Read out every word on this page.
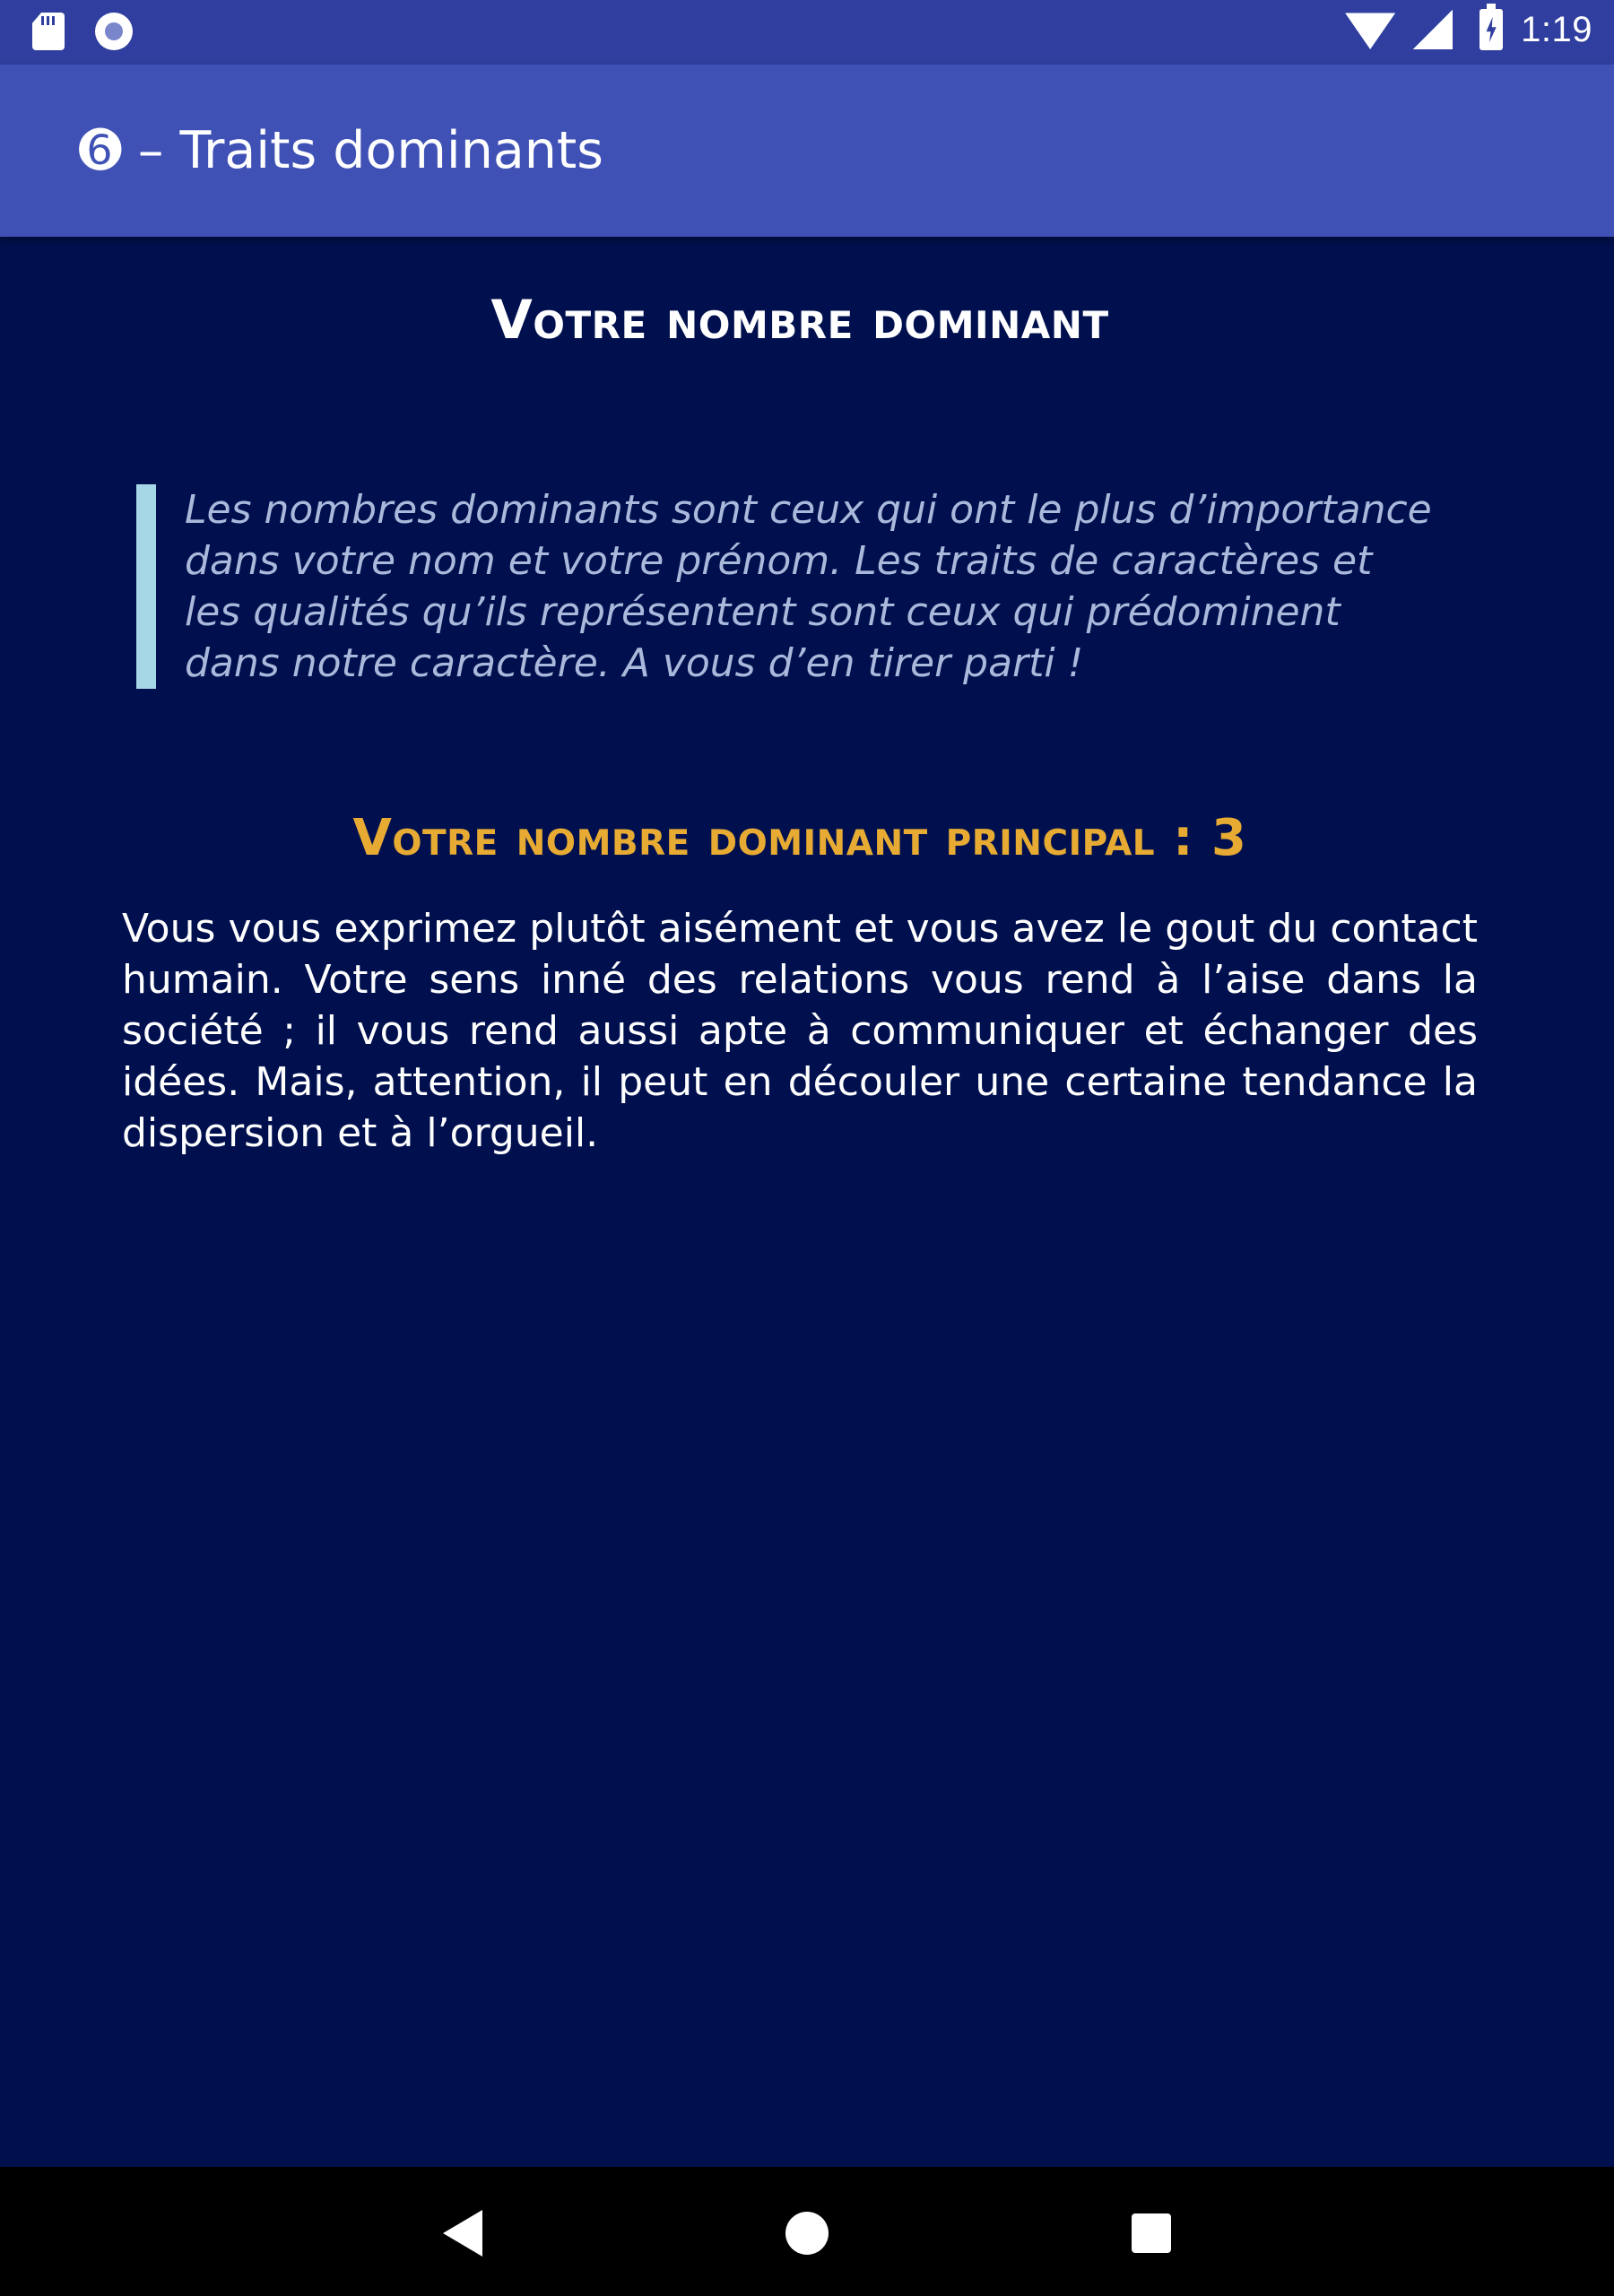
1:19
➏ – Traits dominants
Votre nombre dominant
Les nombres dominants sont ceux qui ont le plus d’importance dans votre nom et votre prénom. Les traits de caractères et les qualités qu’ils représentent sont ceux qui prédominent dans notre caractère. A vous d’en tirer parti !
Votre nombre dominant principal : 3
Vous vous exprimez plutôt aisément et vous avez le gout du contact humain. Votre sens inné des relations vous rend à l’aise dans la société ; il vous rend aussi apte à communiquer et échanger des idées. Mais, attention, il peut en découler une certaine tendance la dispersion et à l’orgueil.
